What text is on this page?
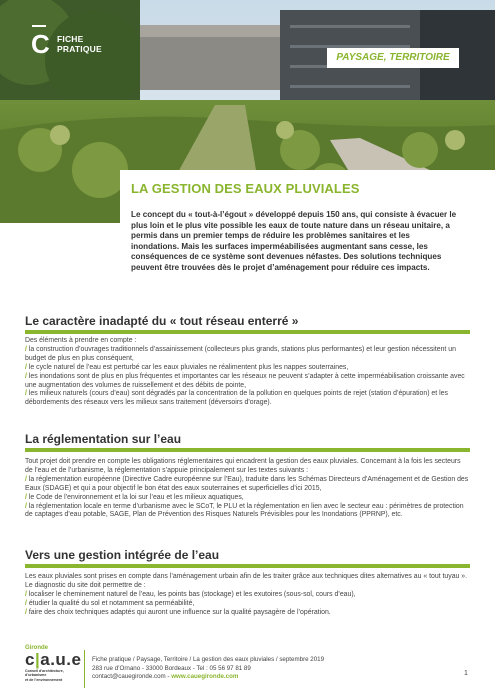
C FICHE
PRATIQUE
PAYSAGE, TERRITOIRE
LA GESTION DES EAUX PLUVIALES
Le concept du « tout-à-l’égout » développé depuis 150 ans, qui consiste à évacuer le plus loin et le plus vite possible les eaux de toute nature dans un réseau unitaire, a permis dans un premier temps de réduire les problèmes sanitaires et les inondations. Mais les surfaces imperméabilisées augmentant sans cesse, les conséquences de ce système sont devenues néfastes. Des solutions techniques peuvent être trouvées dès le projet d’aménagement pour réduire ces impacts.
Le caractère inadapté du « tout réseau enterré »

Des éléments à prendre en compte :

/ la construction d’ouvrages traditionnels d’assainissement (collecteurs plus grands, stations plus performantes) et leur gestion nécessitent un budget de plus en plus conséquent,

/ le cycle naturel de l’eau est perturbé car les eaux pluviales ne réalimentent plus les nappes souterraines,

/ les inondations sont de plus en plus fréquentes et importantes car les réseaux ne peuvent s’adapter à cette imperméabilisation croissante avec une augmentation des volumes de ruissellement et des débits de pointe,

/ les milieux naturels (cours d’eau) sont dégradés par la concentration de la pollution en quelques points de rejet (station d’épuration) et les débordements des réseaux vers les milieux sans traitement (déversoirs d’orage).

La réglementation sur l’eau

Tout projet doit prendre en compte les obligations réglementaires qui encadrent la gestion des eaux pluviales. Concernant à la fois les secteurs de l’eau et de l’urbanisme, la réglementation s’appuie principalement sur les textes suivants :

/ la réglementation européenne (Directive Cadre européenne sur l’Eau), traduite dans les Schémas Directeurs d’Aménagement et de Gestion des Eaux (SDAGE) et qui a pour objectif le bon état des eaux souterraines et superficielles d’ici 2015,

/ le Code de l’environnement et la loi sur l’eau et les milieux aquatiques,

/ la réglementation locale en terme d’urbanisme avec le SCoT, le PLU et la réglementation en lien avec le secteur eau : périmètres de protection de captages d’eau potable, SAGE, Plan de Prévention des Risques Naturels Prévisibles pour les Inondations (PPRNP), etc.

Vers une gestion intégrée de l’eau

Les eaux pluviales sont prises en compte dans l’aménagement urbain afin de les traiter grâce aux techniques dites alternatives au « tout tuyau ».

Le diagnostic du site doit permettre de :

/ localiser le cheminement naturel de l’eau, les points bas (stockage) et les exutoires (sous-sol, cours d’eau),

/ étudier la qualité du sol et notamment sa perméabilité,

/ faire des choix techniques adaptés qui auront une influence sur la qualité paysagère de l’opération.

Gironde
c|a.u.e
Conseil d’architecture, d’urbanisme
et de l’environnement
Fiche pratique / Paysage, Territoire / La gestion des eaux pluviales / septembre 2019
283 rue d’Ornano - 33000 Bordeaux - Tel : 05 56 97 81 89
contact@cauegironde.com - www.cauegironde.com	1
